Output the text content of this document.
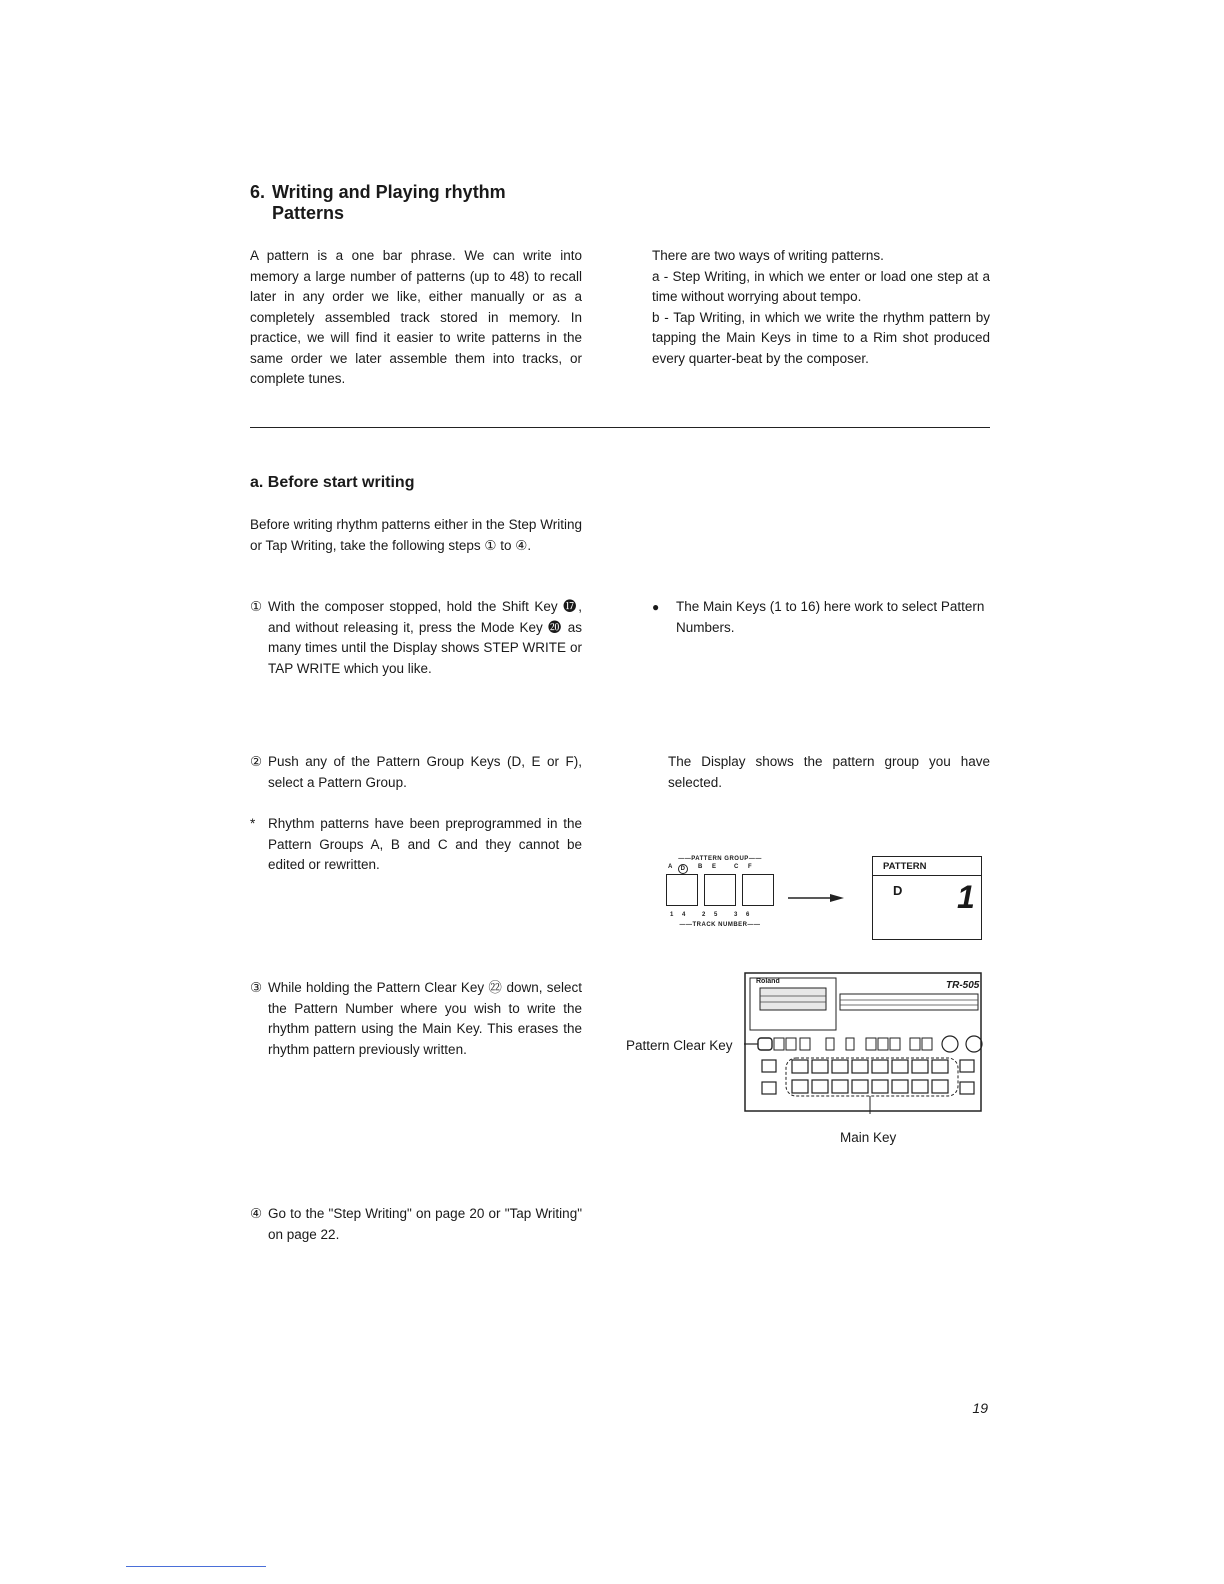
6. Writing and Playing rhythm
Patterns
A pattern is a one bar phrase. We can write into memory a large number of patterns (up to 48) to recall later in any order we like, either manually or as a completely assembled track stored in memory. In practice, we will find it easier to write patterns in the same order we later assemble them into tracks, or complete tunes.
There are two ways of writing patterns.
a - Step Writing, in which we enter or load one step at a time without worrying about tempo.
b - Tap Writing, in which we write the rhythm pattern by tapping the Main Keys in time to a Rim shot produced every quarter-beat by the composer.
a. Before start writing
Before writing rhythm patterns either in the Step Writing or Tap Writing, take the following steps ① to ④.
① With the composer stopped, hold the Shift Key ⓱, and without releasing it, press the Mode Key ⓴ as many times until the Display shows STEP WRITE or TAP WRITE which you like.
●	The Main Keys (1 to 16) here work to select Pattern Numbers.
② Push any of the Pattern Group Keys (D, E or F), select a Pattern Group.
The Display shows the pattern group you have selected.
* Rhythm patterns have been preprogrammed in the Pattern Groups A, B and C and they cannot be edited or rewritten.
③ While holding the Pattern Clear Key ㉒ down, select the Pattern Number where you wish to write the rhythm pattern using the Main Key. This erases the rhythm pattern previously written.
④ Go to the "Step Writing" on page 20 or "Tap Writing" on page 22.
——PATTERN GROUP——
A	D	B	E	C	F
1	4	2	5	3	6
——TRACK NUMBER——
PATTERN
D 1
Roland	TR-505
Pattern Clear Key
Main Key
19
